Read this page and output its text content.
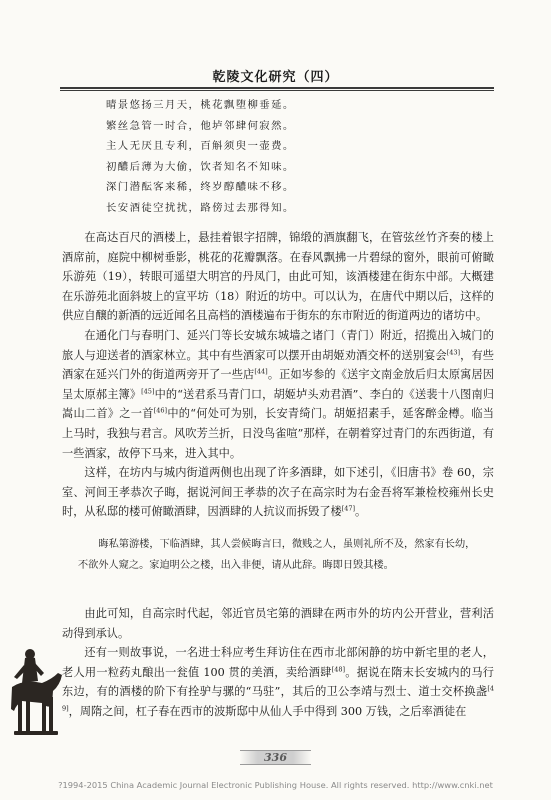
乾陵文化研究（四）
晴景悠扬三月天，桃花飘堕柳垂延。
繁丝急管一时合，他垆邻肆何寂然。
主人无厌且专利，百斛须臾一壶费。
初醲后薄为大偷，饮者知名不知味。
深门潜酝客来稀，终岁醇醲味不移。
长安酒徒空扰扰，路傍过去那得知。

在高达百尺的酒楼上，悬挂着银字招牌，锦缎的酒旗翻飞，在管弦丝竹齐奏的楼上酒席前，庭院中柳树垂影，桃花的花瓣飘落。在春风飘拂一片碧绿的窗外，眼前可俯瞰乐游苑（19），转眼可遥望大明宫的丹凤门，由此可知，该酒楼建在街东中部。大概建在乐游苑北面斜坡上的宣平坊（18）附近的坊中。可以认为，在唐代中期以后，这样的供应自醸的新酒的远近闻名且高档的酒楼遍布于街东的东市附近的街道两边的诸坊中。

在通化门与春明门、延兴门等长安城东城墙之诸门（青门）附近，招揽出入城门的旅人与迎送者的酒家林立。其中有些酒家可以摆开由胡姬劝酒交杯的送别宴会[43]，有些酒家在延兴门外的街道两旁开了一些店[44]。正如岑参的《送宇文南金放后归太原寓居因呈太原郝主簿》[45]中的“送君系马青门口，胡姬垆头劝君酒”、李白的《送裴十八图南归嵩山二首》之一首[46]中的“何处可为别，长安青绮门。胡姬招素手，延客醉金樽。临当上马时，我独与君言。风吹芳兰折，日没鸟雀喧”那样，在朝着穿过青门的东西街道，有一些酒家，故停下马来，进入其中。

这样，在坊内与城内街道两侧也出现了许多酒肆，如下述引，《旧唐书》卷 60，宗室、河间王孝恭次子晦，据说河间王孝恭的次子在高宗时为右金吾将军兼检校雍州长史时，从私邸的楼可俯瞰酒肆，因酒肆的人抗议而拆毁了楼[47]。

晦私第游楼，下临酒肆，其人尝候晦言曰，微贱之人，虽则礼所不及，然家有长幼，不欲外人窥之。家迫明公之楼，出入非便，请从此辞。晦即日毁其楼。

由此可知，自高宗时代起，邻近官员宅第的酒肆在两市外的坊内公开营业，营利活动得到承认。

还有一则故事说，一名进士科应考生拜访住在西市北部闲静的坊中新宅里的老人，老人用一粒药丸酿出一瓮值 100 贯的美酒，卖给酒肆[48]。据说在隋末长安城内的马行东边，有的酒楼的阶下有拴驴与骡的“马驻”，其后的卫公李靖与烈士、道士交杯换盏[49]，周隋之间，杠子春在西市的波斯邸中从仙人手中得到 300 万钱，之后率酒徒在

336
?1994-2015 China Academic Journal Electronic Publishing House. All rights reserved. http://www.cnki.net
